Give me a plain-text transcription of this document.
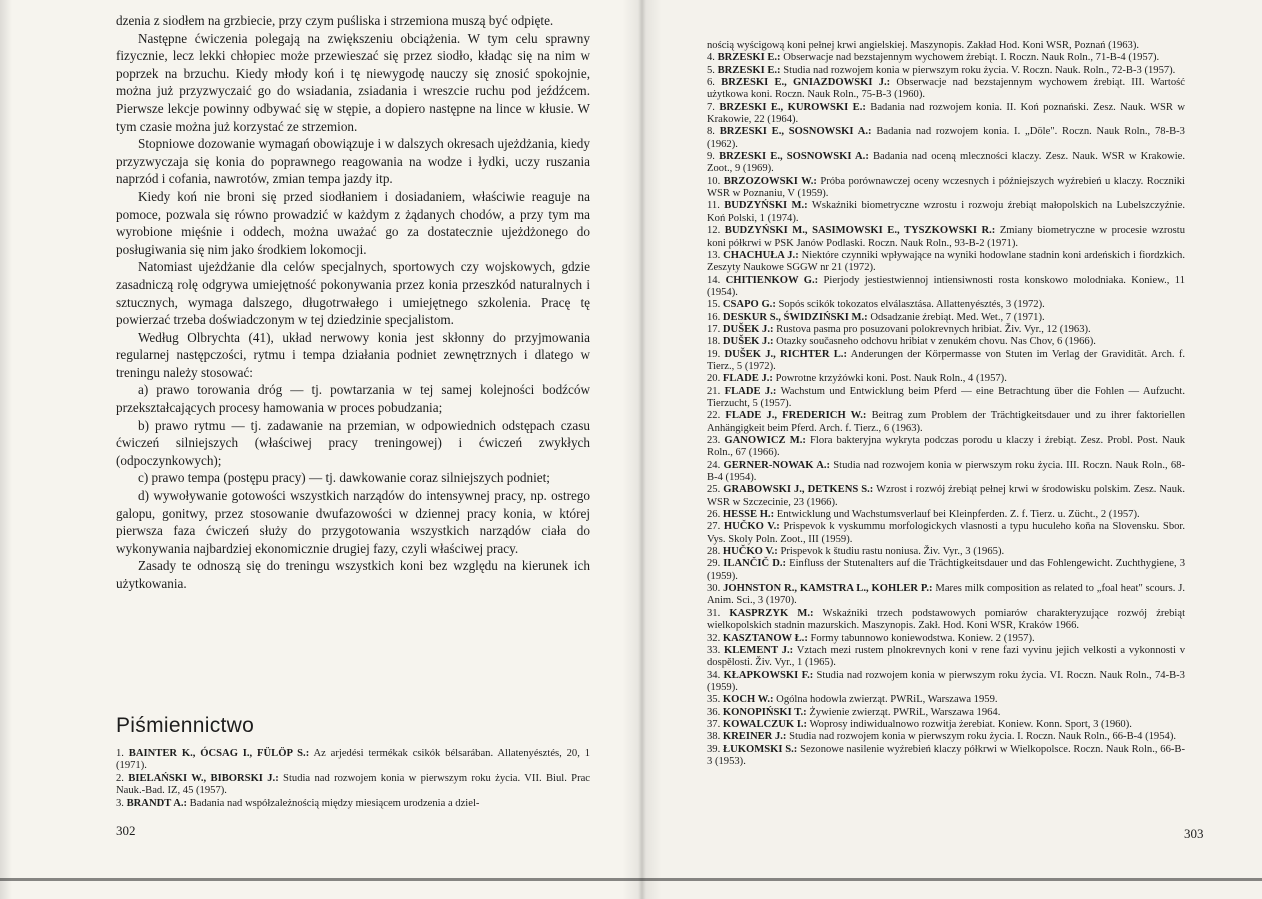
dzenia z siodłem na grzbiecie, przy czym puśliska i strzemiona muszą być odpięte.

Następne ćwiczenia polegają na zwiększeniu obciążenia. W tym celu sprawny fizycznie, lecz lekki chłopiec może przewieszać się przez siodło, kładąc się na nim w poprzek na brzuchu. Kiedy młody koń i tę niewygodę nauczy się znosić spokojnie, można już przyzwyczaić go do wsiadania, zsiadania i wreszcie ruchu pod jeźdźcem. Pierwsze lekcje powinny odbywać się w stępie, a dopiero następne na lince w kłusie. W tym czasie można już korzystać ze strzemion.

Stopniowe dozowanie wymagań obowiązuje i w dalszych okresach ujeżdżania, kiedy przyzwyczaja się konia do poprawnego reagowania na wodze i łydki, uczy ruszania naprzód i cofania, nawrotów, zmian tempa jazdy itp.

Kiedy koń nie broni się przed siodłaniem i dosiadaniem, właściwie reaguje na pomoce, pozwala się równo prowadzić w każdym z żądanych chodów, a przy tym ma wyrobione mięśnie i oddech, można uważać go za dostatecznie ujeżdżonego do posługiwania się nim jako środkiem lokomocji.

Natomiast ujeżdżanie dla celów specjalnych, sportowych czy wojskowych, gdzie zasadniczą rolę odgrywa umiejętność pokonywania przez konia przeszkód naturalnych i sztucznych, wymaga dalszego, długotrwałego i umiejętnego szkolenia. Pracę tę powierzać trzeba doświadczonym w tej dziedzinie specjalistom.

Według Olbrychta (41), układ nerwowy konia jest skłonny do przyjmowania regularnej następczości, rytmu i tempa działania podniet zewnętrznych i dlatego w treningu należy stosować:

a) prawo torowania dróg — tj. powtarzania w tej samej kolejności bodźców przekształcających procesy hamowania w proces pobudzania;

b) prawo rytmu — tj. zadawanie na przemian, w odpowiednich odstępach czasu ćwiczeń silniejszych (właściwej pracy treningowej) i ćwiczeń zwykłych (odpoczynkowych);

c) prawo tempa (postępu pracy) — tj. dawkowanie coraz silniejszych podniet;

d) wywoływanie gotowości wszystkich narządów do intensywnej pracy, np. ostrego galopu, gonitwy, przez stosowanie dwufazowości w dziennej pracy konia, w której pierwsza faza ćwiczeń służy do przygotowania wszystkich narządów ciała do wykonywania najbardziej ekonomicznie drugiej fazy, czyli właściwej pracy.

Zasady te odnoszą się do treningu wszystkich koni bez względu na kierunek ich użytkowania.

Piśmiennictwo

1. BAINTER K., ÓCSAG I., FÜLÖP S.: Az arjedési termékak csikók bélsarában. Allatenyésztés, 20, 1 (1971).

2. BIELAŃSKI W., BIBORSKI J.: Studia nad rozwojem konia w pierwszym roku życia. VII. Biul. Prac Nauk.-Bad. IZ, 45 (1957).

3. BRANDT A.: Badania nad współzależnością między miesiącem urodzenia a dziel-

302

nością wyścigową koni pełnej krwi angielskiej. Maszynopis. Zakład Hod. Koni WSR, Poznań (1963).

4. BRZESKI E.: Obserwacje nad bezstajennym wychowem źrebiąt. I. Roczn. Nauk Roln., 71-B-4 (1957).

5. BRZESKI E.: Studia nad rozwojem konia w pierwszym roku życia. V. Roczn. Nauk. Roln., 72-B-3 (1957).

6. BRZESKI E., GNIAZDOWSKI J.: Obserwacje nad bezstajennym wychowem źrebiąt. III. Wartość użytkowa koni. Roczn. Nauk Roln., 75-B-3 (1960).

7. BRZESKI E., KUROWSKI E.: Badania nad rozwojem konia. II. Koń poznański. Zesz. Nauk. WSR w Krakowie, 22 (1964).

8. BRZESKI E., SOSNOWSKI A.: Badania nad rozwojem konia. I. „Döle". Roczn. Nauk Roln., 78-B-3 (1962).

9. BRZESKI E., SOSNOWSKI A.: Badania nad oceną mleczności klaczy. Zesz. Nauk. WSR w Krakowie. Zoot., 9 (1969).

10. BRZOZOWSKI W.: Próba porównawczej oceny wczesnych i późniejszych wyźrebień u klaczy. Roczniki WSR w Poznaniu, V (1959).

11. BUDZYŃSKI M.: Wskaźniki biometryczne wzrostu i rozwoju źrebiąt małopolskich na Lubelszczyźnie. Koń Polski, 1 (1974).

12. BUDZYŃSKI M., SASIMOWSKI E., TYSZKOWSKI R.: Zmiany biometryczne w procesie wzrostu koni półkrwi w PSK Janów Podlaski. Roczn. Nauk Roln., 93-B-2 (1971).

13. CHACHUŁA J.: Niektóre czynniki wpływające na wyniki hodowlane stadnin koni ardeńskich i fiordzkich. Zeszyty Naukowe SGGW nr 21 (1972).

14. CHITIENKOW G.: Pierjody jestiestwiennoj intiensiwnosti rosta konskowo molodniaka. Koniew., 11 (1954).

15. CSAPO G.: Sopós scikók tokozatos elválasztása. Allattenyésztés, 3 (1972).

16. DESKUR S., ŚWIDZIŃSKI M.: Odsadzanie źrebiąt. Med. Wet., 7 (1971).

17. DUŠEK J.: Rustova pasma pro posuzovani polokrevnych hribiat. Živ. Vyr., 12 (1963).

18. DUŠEK J.: Otazky současneho odchovu hribiat v zenukém chovu. Nas Chov, 6 (1966).

19. DUŠEK J., RICHTER L.: Anderungen der Körpermasse von Stuten im Verlag der Gravidität. Arch. f. Tierz., 5 (1972).

20. FLADE J.: Powrotne krzyżówki koni. Post. Nauk Roln., 4 (1957).

21. FLADE J.: Wachstum und Entwicklung beim Pferd — eine Betrachtung über die Fohlen — Aufzucht. Tierzucht, 5 (1957).

22. FLADE J., FREDERICH W.: Beitrag zum Problem der Trächtigkeitsdauer und zu ihrer faktoriellen Anhängigkeit beim Pferd. Arch. f. Tierz., 6 (1963).

23. GANOWICZ M.: Flora bakteryjna wykryta podczas porodu u klaczy i źrebiąt. Zesz. Probl. Post. Nauk Roln., 67 (1966).

24. GERNER-NOWAK A.: Studia nad rozwojem konia w pierwszym roku życia. III. Roczn. Nauk Roln., 68-B-4 (1954).

25. GRABOWSKI J., DETKENS S.: Wzrost i rozwój źrebiąt pełnej krwi w środowisku polskim. Zesz. Nauk. WSR w Szczecinie, 23 (1966).

26. HESSE H.: Entwicklung und Wachstumsverlauf bei Kleinpferden. Z. f. Tierz. u. Zücht., 2 (1957).

27. HUČKO V.: Prispevok k vyskummu morfologickych vlasnosti a typu huculeho koňa na Slovensku. Sbor. Vys. Skoly Poln. Zoot., III (1959).

28. HUČKO V.: Prispevok k študiu rastu noniusa. Živ. Vyr., 3 (1965).

29. ILANČIČ D.: Einfluss der Stutenalters auf die Trächtigkeitsdauer und das Fohlengewicht. Zuchthygiene, 3 (1959).

30. JOHNSTON R., KAMSTRA L., KOHLER P.: Mares milk composition as related to „foal heat" scours. J. Anim. Sci., 3 (1970).

31. KASPRZYK M.: Wskaźniki trzech podstawowych pomiarów charakteryzujące rozwój źrebiąt wielkopolskich stadnin mazurskich. Maszynopis. Zakł. Hod. Koni WSR, Kraków 1966.

32. KASZTANOW Ł.: Formy tabunnowo koniewodstwa. Koniew. 2 (1957).

33. KLEMENT J.: Vztach mezi rustem plnokrevnych koni v rene fazi vyvinu jejich velkosti a vykonnosti v dospělosti. Živ. Vyr., 1 (1965).

34. KŁAPKOWSKI F.: Studia nad rozwojem konia w pierwszym roku życia. VI. Roczn. Nauk Roln., 74-B-3 (1959).

35. KOCH W.: Ogólna hodowla zwierząt. PWRiL, Warszawa 1959.

36. KONOPIŃSKI T.: Żywienie zwierząt. PWRiL, Warszawa 1964.

37. KOWALCZUK I.: Woprosy indiwidualnowo rozwitja żerebiat. Koniew. Konn. Sport, 3 (1960).

38. KREINER J.: Studia nad rozwojem konia w pierwszym roku życia. I. Roczn. Nauk Roln., 66-B-4 (1954).

39. ŁUKOMSKI S.: Sezonowe nasilenie wyźrebień klaczy półkrwi w Wielkopolsce. Roczn. Nauk Roln., 66-B-3 (1953).

303
